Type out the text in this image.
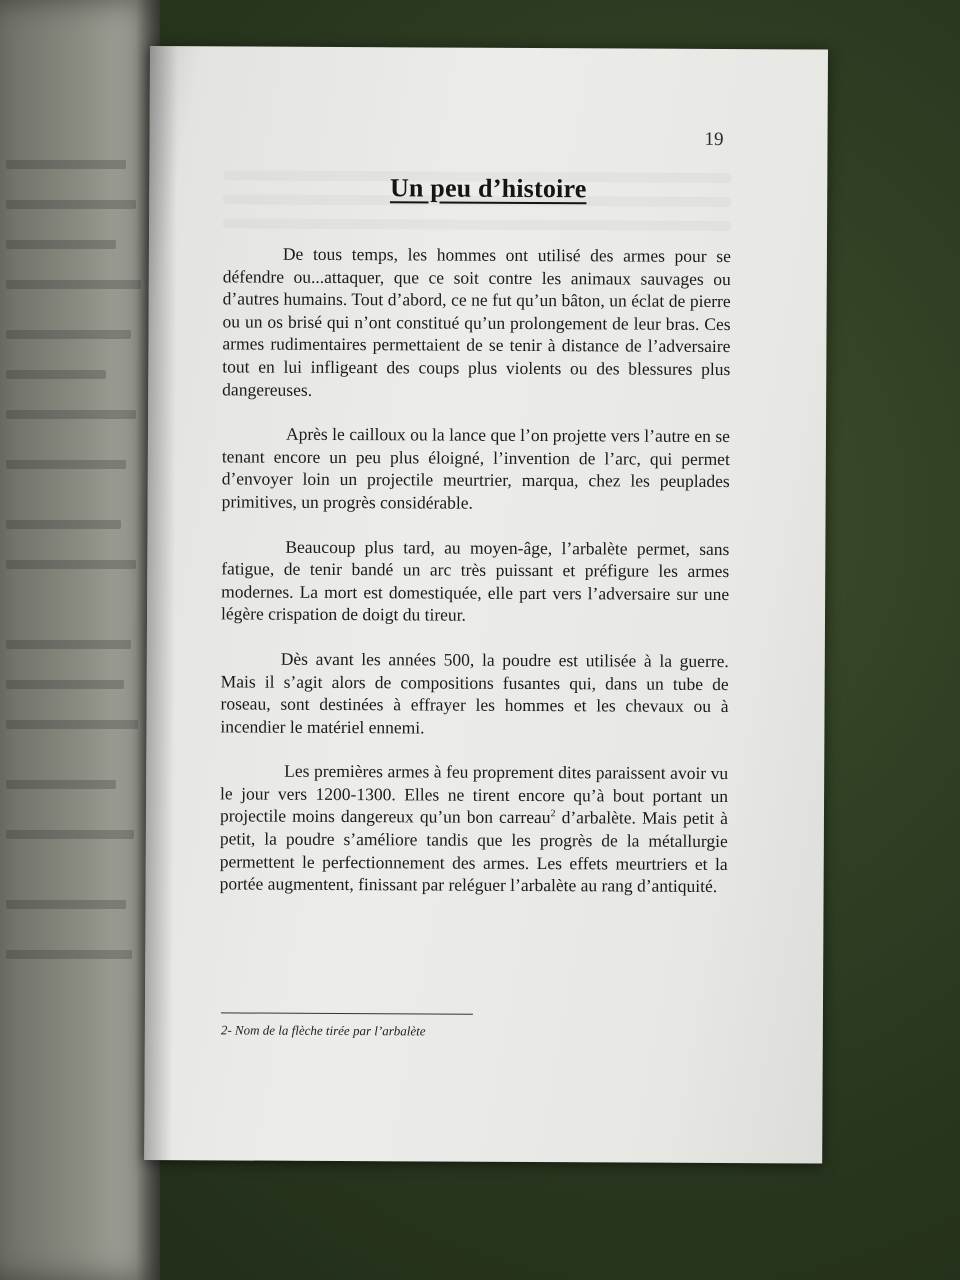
19
Un peu d’histoire

De tous temps, les hommes ont utilisé des armes pour se défendre ou...attaquer, que ce soit contre les animaux sauvages ou d’autres humains. Tout d’abord, ce ne fut qu’un bâton, un éclat de pierre ou un os brisé qui n’ont constitué qu’un prolongement de leur bras. Ces armes rudimentaires permettaient de se tenir à distance de l’adversaire tout en lui infligeant des coups plus violents ou des blessures plus dangereuses.

Après le cailloux ou la lance que l’on projette vers l’autre en se tenant encore un peu plus éloigné, l’invention de l’arc, qui permet d’envoyer loin un projectile meurtrier, marqua, chez les peuplades primitives, un progrès considérable.

Beaucoup plus tard, au moyen-âge, l’arbalète permet, sans fatigue, de tenir bandé un arc très puissant et préfigure les armes modernes. La mort est domestiquée, elle part vers l’adversaire sur une légère crispation de doigt du tireur.

Dès avant les années 500, la poudre est utilisée à la guerre. Mais il s’agit alors de compositions fusantes qui, dans un tube de roseau, sont destinées à effrayer les hommes et les chevaux ou à incendier le matériel ennemi.

Les premières armes à feu proprement dites paraissent avoir vu le jour vers 1200-1300. Elles ne tirent encore qu’à bout portant un projectile moins dangereux qu’un bon carreau$^2$ d’arbalète. Mais petit à petit, la poudre s’améliore tandis que les progrès de la métallurgie permettent le perfectionnement des armes. Les effets meurtriers et la portée augmentent, finissant par reléguer l’arbalète au rang d’antiquité.

2- Nom de la flèche tirée par l’arbalète
